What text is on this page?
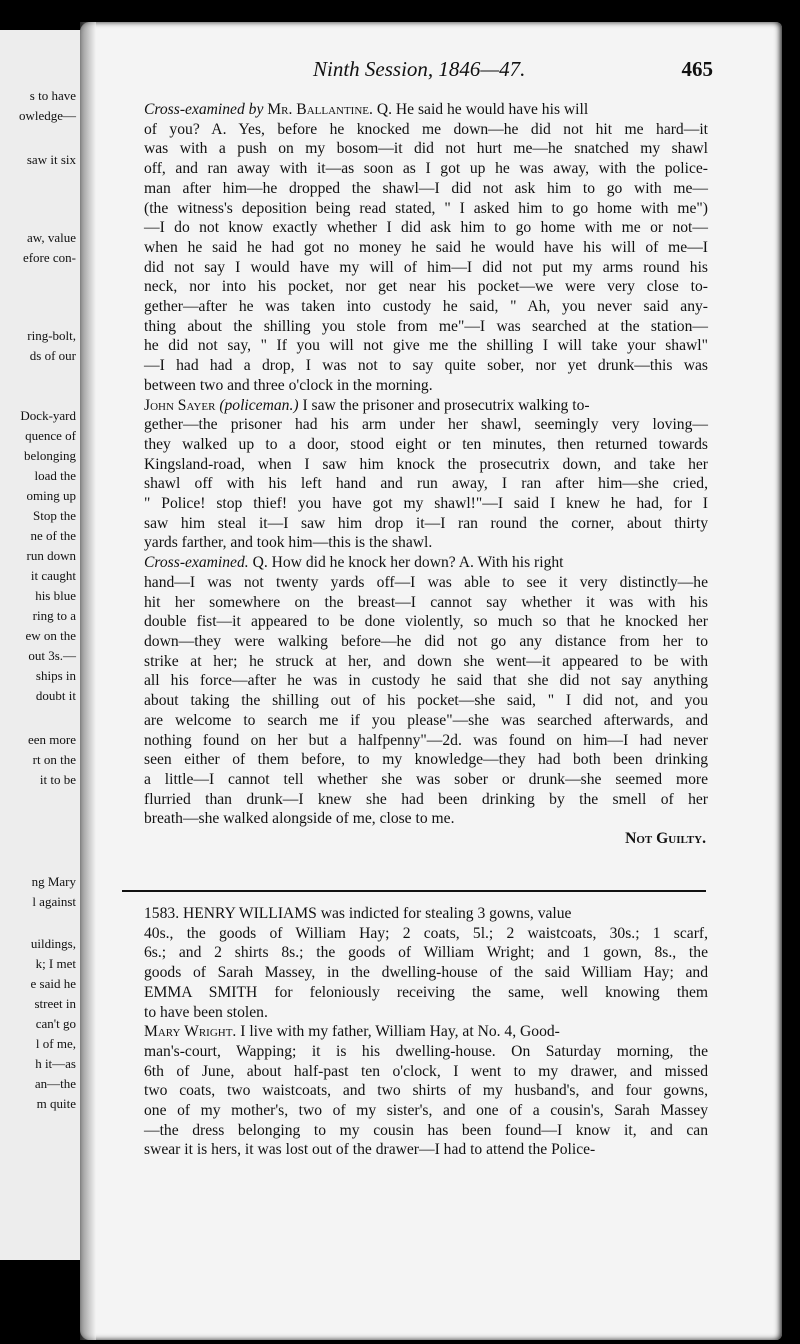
s to have
owledge—
saw it six
aw, value
efore con-
ring-bolt,
ds of our
Dock-yard
quence of
belonging
load the
oming up
Stop the
ne of the
run down
it caught
his blue
ring to a
ew on the
out 3s.—
ships in
doubt it
een more
rt on the
it to be
ng Mary
l against
uildings,
k; I met
e said he
street in
can't go
l of me,
h it—as
an—the
m quite
Ninth Session, 1846—47.	465
Cross-examined by Mr. Ballantine. Q. He said he would have his will
of you? A. Yes, before he knocked me down—he did not hit me hard—it
was with a push on my bosom—it did not hurt me—he snatched my shawl
off, and ran away with it—as soon as I got up he was away, with the police-
man after him—he dropped the shawl—I did not ask him to go with me—
(the witness's deposition being read stated, " I asked him to go home with me")
—I do not know exactly whether I did ask him to go home with me or not—
when he said he had got no money he said he would have his will of me—I
did not say I would have my will of him—I did not put my arms round his
neck, nor into his pocket, nor get near his pocket—we were very close to-
gether—after he was taken into custody he said, " Ah, you never said any-
thing about the shilling you stole from me"—I was searched at the station—
he did not say, " If you will not give me the shilling I will take your shawl"
—I had had a drop, I was not to say quite sober, nor yet drunk—this was
between two and three o'clock in the morning.
John Sayer (policeman.) I saw the prisoner and prosecutrix walking to-
gether—the prisoner had his arm under her shawl, seemingly very loving—
they walked up to a door, stood eight or ten minutes, then returned towards
Kingsland-road, when I saw him knock the prosecutrix down, and take her
shawl off with his left hand and run away, I ran after him—she cried,
" Police! stop thief! you have got my shawl!"—I said I knew he had, for I
saw him steal it—I saw him drop it—I ran round the corner, about thirty
yards farther, and took him—this is the shawl.
Cross-examined. Q. How did he knock her down? A. With his right
hand—I was not twenty yards off—I was able to see it very distinctly—he
hit her somewhere on the breast—I cannot say whether it was with his
double fist—it appeared to be done violently, so much so that he knocked her
down—they were walking before—he did not go any distance from her to
strike at her; he struck at her, and down she went—it appeared to be with
all his force—after he was in custody he said that she did not say anything
about taking the shilling out of his pocket—she said, " I did not, and you
are welcome to search me if you please"—she was searched afterwards, and
nothing found on her but a halfpenny"—2d. was found on him—I had never
seen either of them before, to my knowledge—they had both been drinking
a little—I cannot tell whether she was sober or drunk—she seemed more
flurried than drunk—I knew she had been drinking by the smell of her
breath—she walked alongside of me, close to me.
Not Guilty.
1583. HENRY WILLIAMS was indicted for stealing 3 gowns, value
40s., the goods of William Hay; 2 coats, 5l.; 2 waistcoats, 30s.; 1 scarf,
6s.; and 2 shirts 8s.; the goods of William Wright; and 1 gown, 8s., the
goods of Sarah Massey, in the dwelling-house of the said William Hay; and
EMMA SMITH for feloniously receiving the same, well knowing them
to have been stolen.
Mary Wright. I live with my father, William Hay, at No. 4, Good-
man's-court, Wapping; it is his dwelling-house. On Saturday morning, the
6th of June, about half-past ten o'clock, I went to my drawer, and missed
two coats, two waistcoats, and two shirts of my husband's, and four gowns,
one of my mother's, two of my sister's, and one of a cousin's, Sarah Massey
—the dress belonging to my cousin has been found—I know it, and can
swear it is hers, it was lost out of the drawer—I had to attend the Police-
